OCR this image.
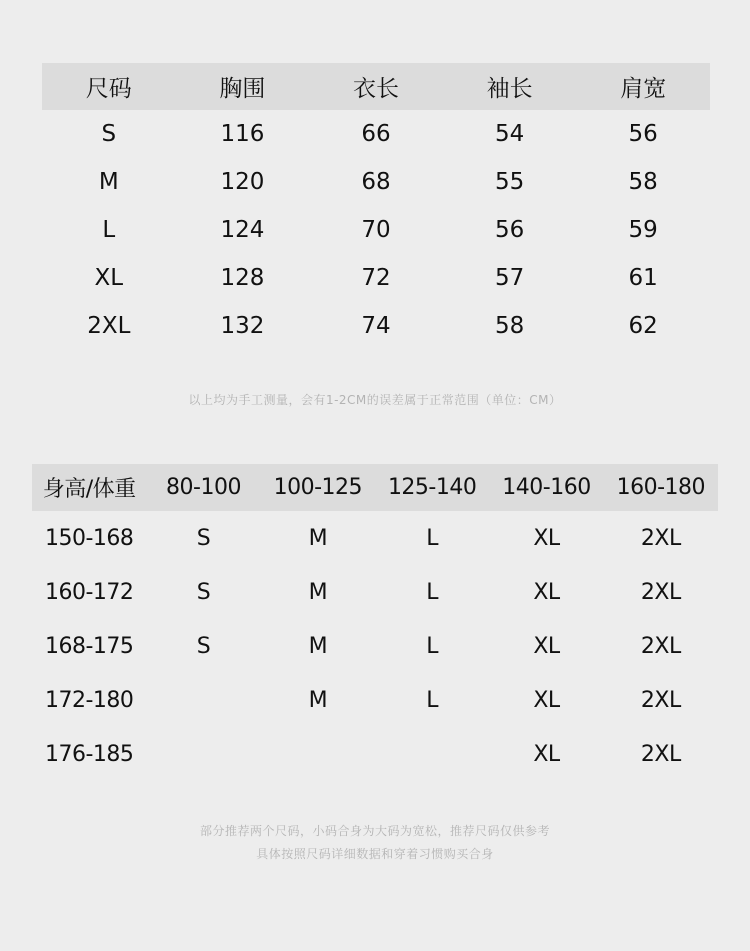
尺码	胸围	衣长	袖长	肩宽
S	116	66	54	56
M	120	68	55	58
L	124	70	56	59
XL	128	72	57	61
2XL	132	74	58	62
以上均为手工测量，会有1-2CM的误差属于正常范围（单位：CM）
身高/体重	80-100	100-125	125-140	140-160	160-180
150-168	S	M	L	XL	2XL
160-172	S	M	L	XL	2XL
168-175	S	M	L	XL	2XL
172-180		M	L	XL	2XL
176-185				XL	2XL
部分推荐两个尺码，小码合身为大码为宽松，推荐尺码仅供参考
具体按照尺码详细数据和穿着习惯购买合身
